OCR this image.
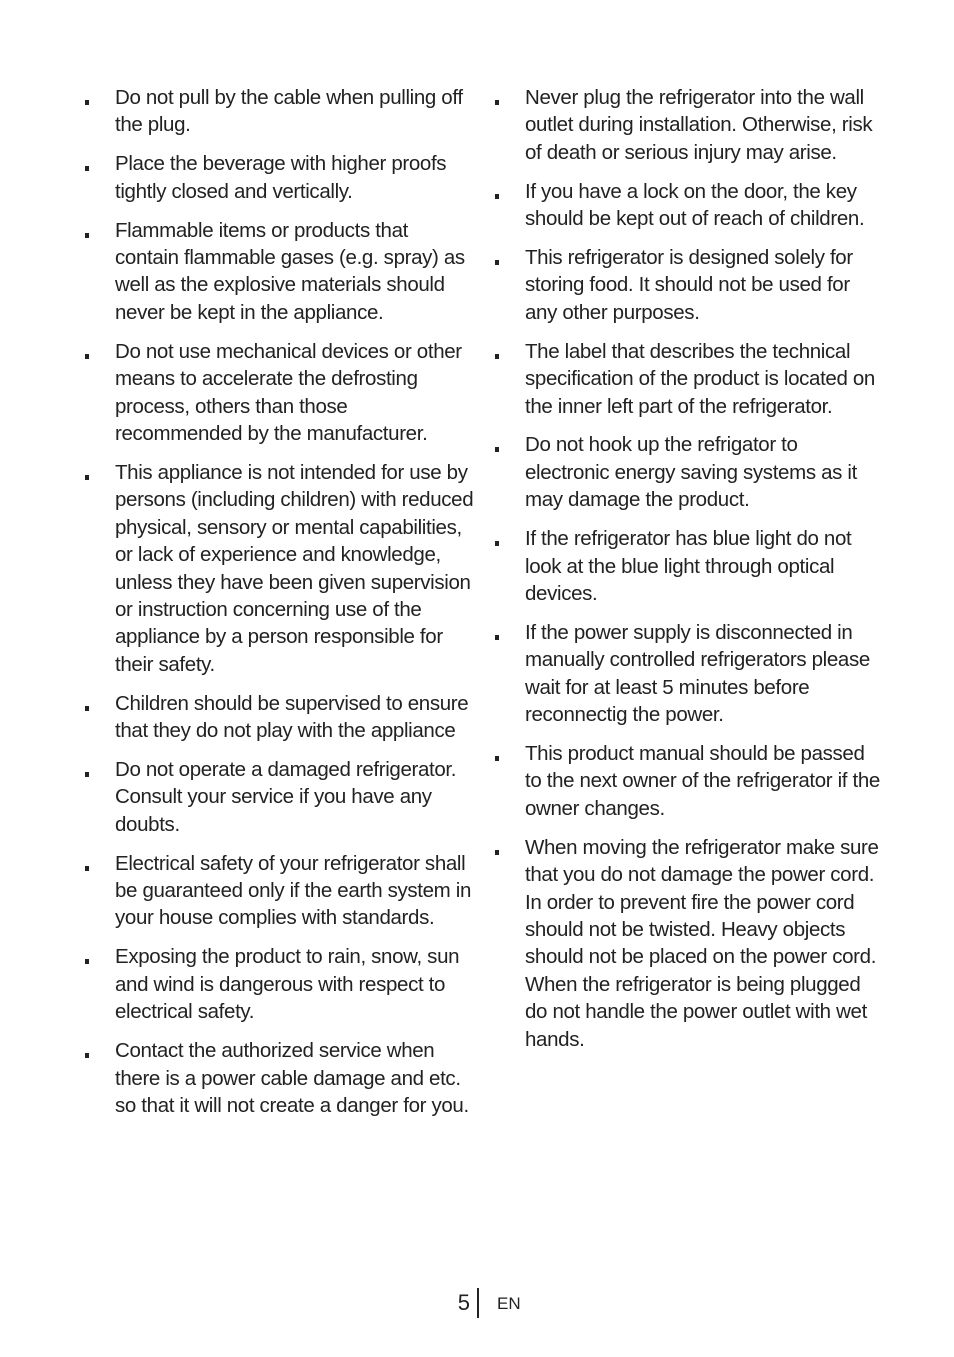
Do not pull by the cable when pulling off the plug.
Place the beverage with higher proofs tightly closed and vertically.
Flammable items or products that contain flammable gases (e.g. spray) as well as the explosive materials should never be kept in the appliance.
Do not use mechanical devices or other means to accelerate the defrosting process, others than those recommended by the manufacturer.
This appliance is not intended for use by persons (including children) with reduced physical, sensory or mental capabilities, or lack of experience and knowledge, unless they have been given supervision or instruction concerning use of the appliance by a person responsible for their safety.
Children should be supervised to ensure that they do not play with the appliance
Do not operate a damaged refrigerator. Consult your service if you have any doubts.
Electrical safety of your refrigerator shall be guaranteed only if the earth system in your house complies with standards.
Exposing the product to rain, snow, sun and wind is dangerous with respect to electrical safety.
Contact the authorized service when there is a power cable damage and etc. so that it will not create a danger for you.
Never plug the refrigerator into the wall outlet during installation. Otherwise, risk of death or serious injury may arise.
If you have a lock on the door, the key should be kept out of reach of children.
This refrigerator is designed solely for storing food. It should not be used for any other purposes.
The label that describes the technical specification of the product is located on the inner left part of the refrigerator.
Do not hook up the refrigator to electronic energy saving systems as it may damage the product.
If the refrigerator has blue light do not look at the blue light through optical devices.
If the power supply is disconnected in manually controlled refrigerators please wait for at least 5 minutes before reconnectig the power.
This product manual should be passed to the next owner of the refrigerator if the owner changes.
When moving the refrigerator make sure that you do not damage the power cord. In order to prevent fire the power cord should not be twisted. Heavy objects should not be placed on the power cord. When the refrigerator is being plugged do not handle the power outlet with wet hands.
5 EN
